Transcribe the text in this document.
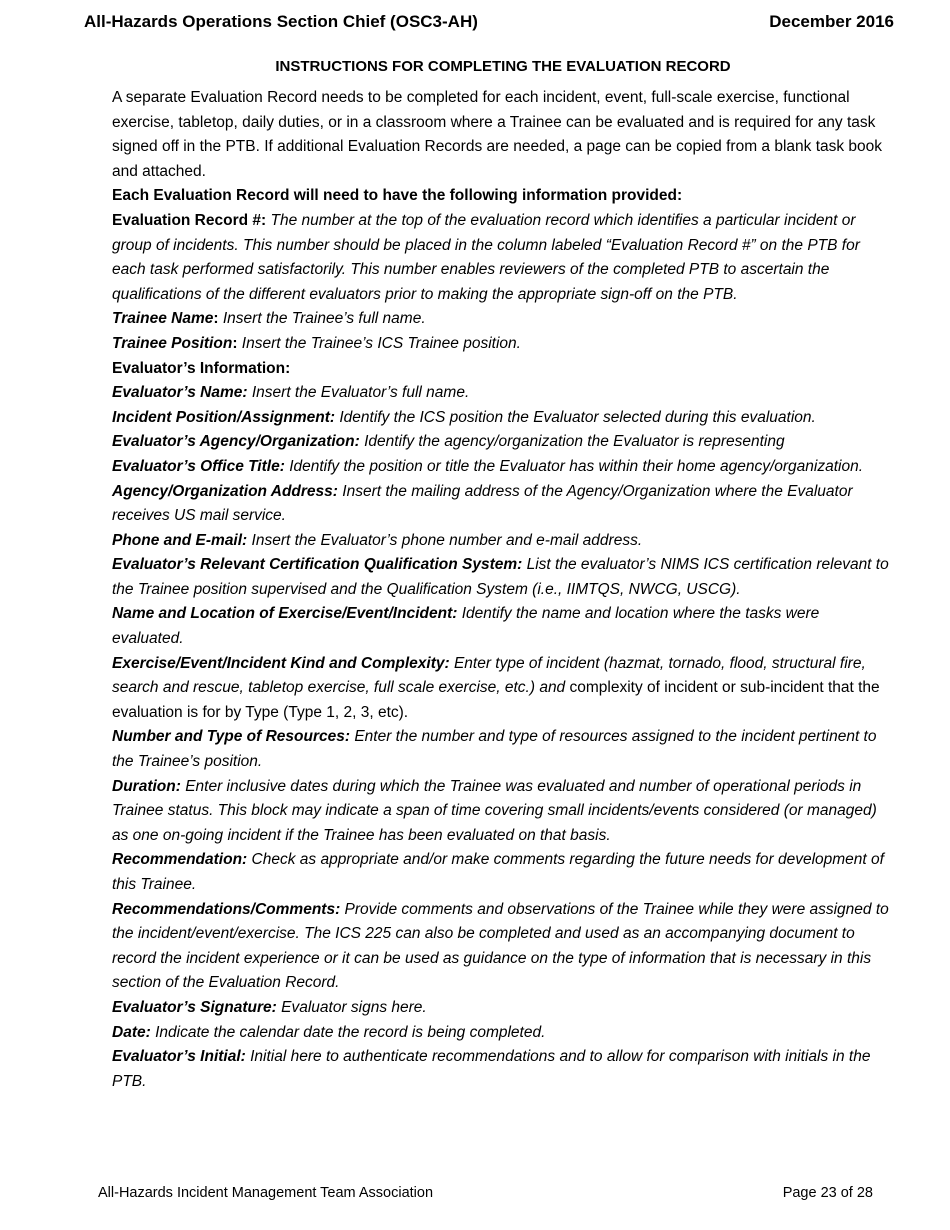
All-Hazards Operations Section Chief (OSC3-AH)	December 2016
INSTRUCTIONS FOR COMPLETING THE EVALUATION RECORD

A separate Evaluation Record needs to be completed for each incident, event, full-scale exercise, functional exercise, tabletop, daily duties, or in a classroom where a Trainee can be evaluated and is required for any task signed off in the PTB. If additional Evaluation Records are needed, a page can be copied from a blank task book and attached.

Each Evaluation Record will need to have the following information provided:

Evaluation Record #: The number at the top of the evaluation record which identifies a particular incident or group of incidents. This number should be placed in the column labeled “Evaluation Record #” on the PTB for each task performed satisfactorily. This number enables reviewers of the completed PTB to ascertain the qualifications of the different evaluators prior to making the appropriate sign-off on the PTB.

Trainee Name: Insert the Trainee’s full name.

Trainee Position: Insert the Trainee’s ICS Trainee position.

Evaluator’s Information:

Evaluator’s Name: Insert the Evaluator’s full name.

Incident Position/Assignment: Identify the ICS position the Evaluator selected during this evaluation.

Evaluator’s Agency/Organization: Identify the agency/organization the Evaluator is representing

Evaluator’s Office Title: Identify the position or title the Evaluator has within their home agency/organization.

Agency/Organization Address: Insert the mailing address of the Agency/Organization where the Evaluator receives US mail service.

Phone and E-mail: Insert the Evaluator’s phone number and e-mail address.

Evaluator’s Relevant Certification Qualification System: List the evaluator’s NIMS ICS certification relevant to the Trainee position supervised and the Qualification System (i.e., IIMTQS, NWCG, USCG).

Name and Location of Exercise/Event/Incident: Identify the name and location where the tasks were evaluated.

Exercise/Event/Incident Kind and Complexity: Enter type of incident (hazmat, tornado, flood, structural fire, search and rescue, tabletop exercise, full scale exercise, etc.) and complexity of incident or sub-incident that the evaluation is for by Type (Type 1, 2, 3, etc).

Number and Type of Resources: Enter the number and type of resources assigned to the incident pertinent to the Trainee’s position.

Duration: Enter inclusive dates during which the Trainee was evaluated and number of operational periods in Trainee status. This block may indicate a span of time covering small incidents/events considered (or managed) as one on-going incident if the Trainee has been evaluated on that basis.

Recommendation: Check as appropriate and/or make comments regarding the future needs for development of this Trainee.

Recommendations/Comments: Provide comments and observations of the Trainee while they were assigned to the incident/event/exercise. The ICS 225 can also be completed and used as an accompanying document to record the incident experience or it can be used as guidance on the type of information that is necessary in this section of the Evaluation Record.

Evaluator’s Signature: Evaluator signs here.

Date: Indicate the calendar date the record is being completed.

Evaluator’s Initial: Initial here to authenticate recommendations and to allow for comparison with initials in the PTB.

All-Hazards Incident Management Team Association	Page 23 of 28
